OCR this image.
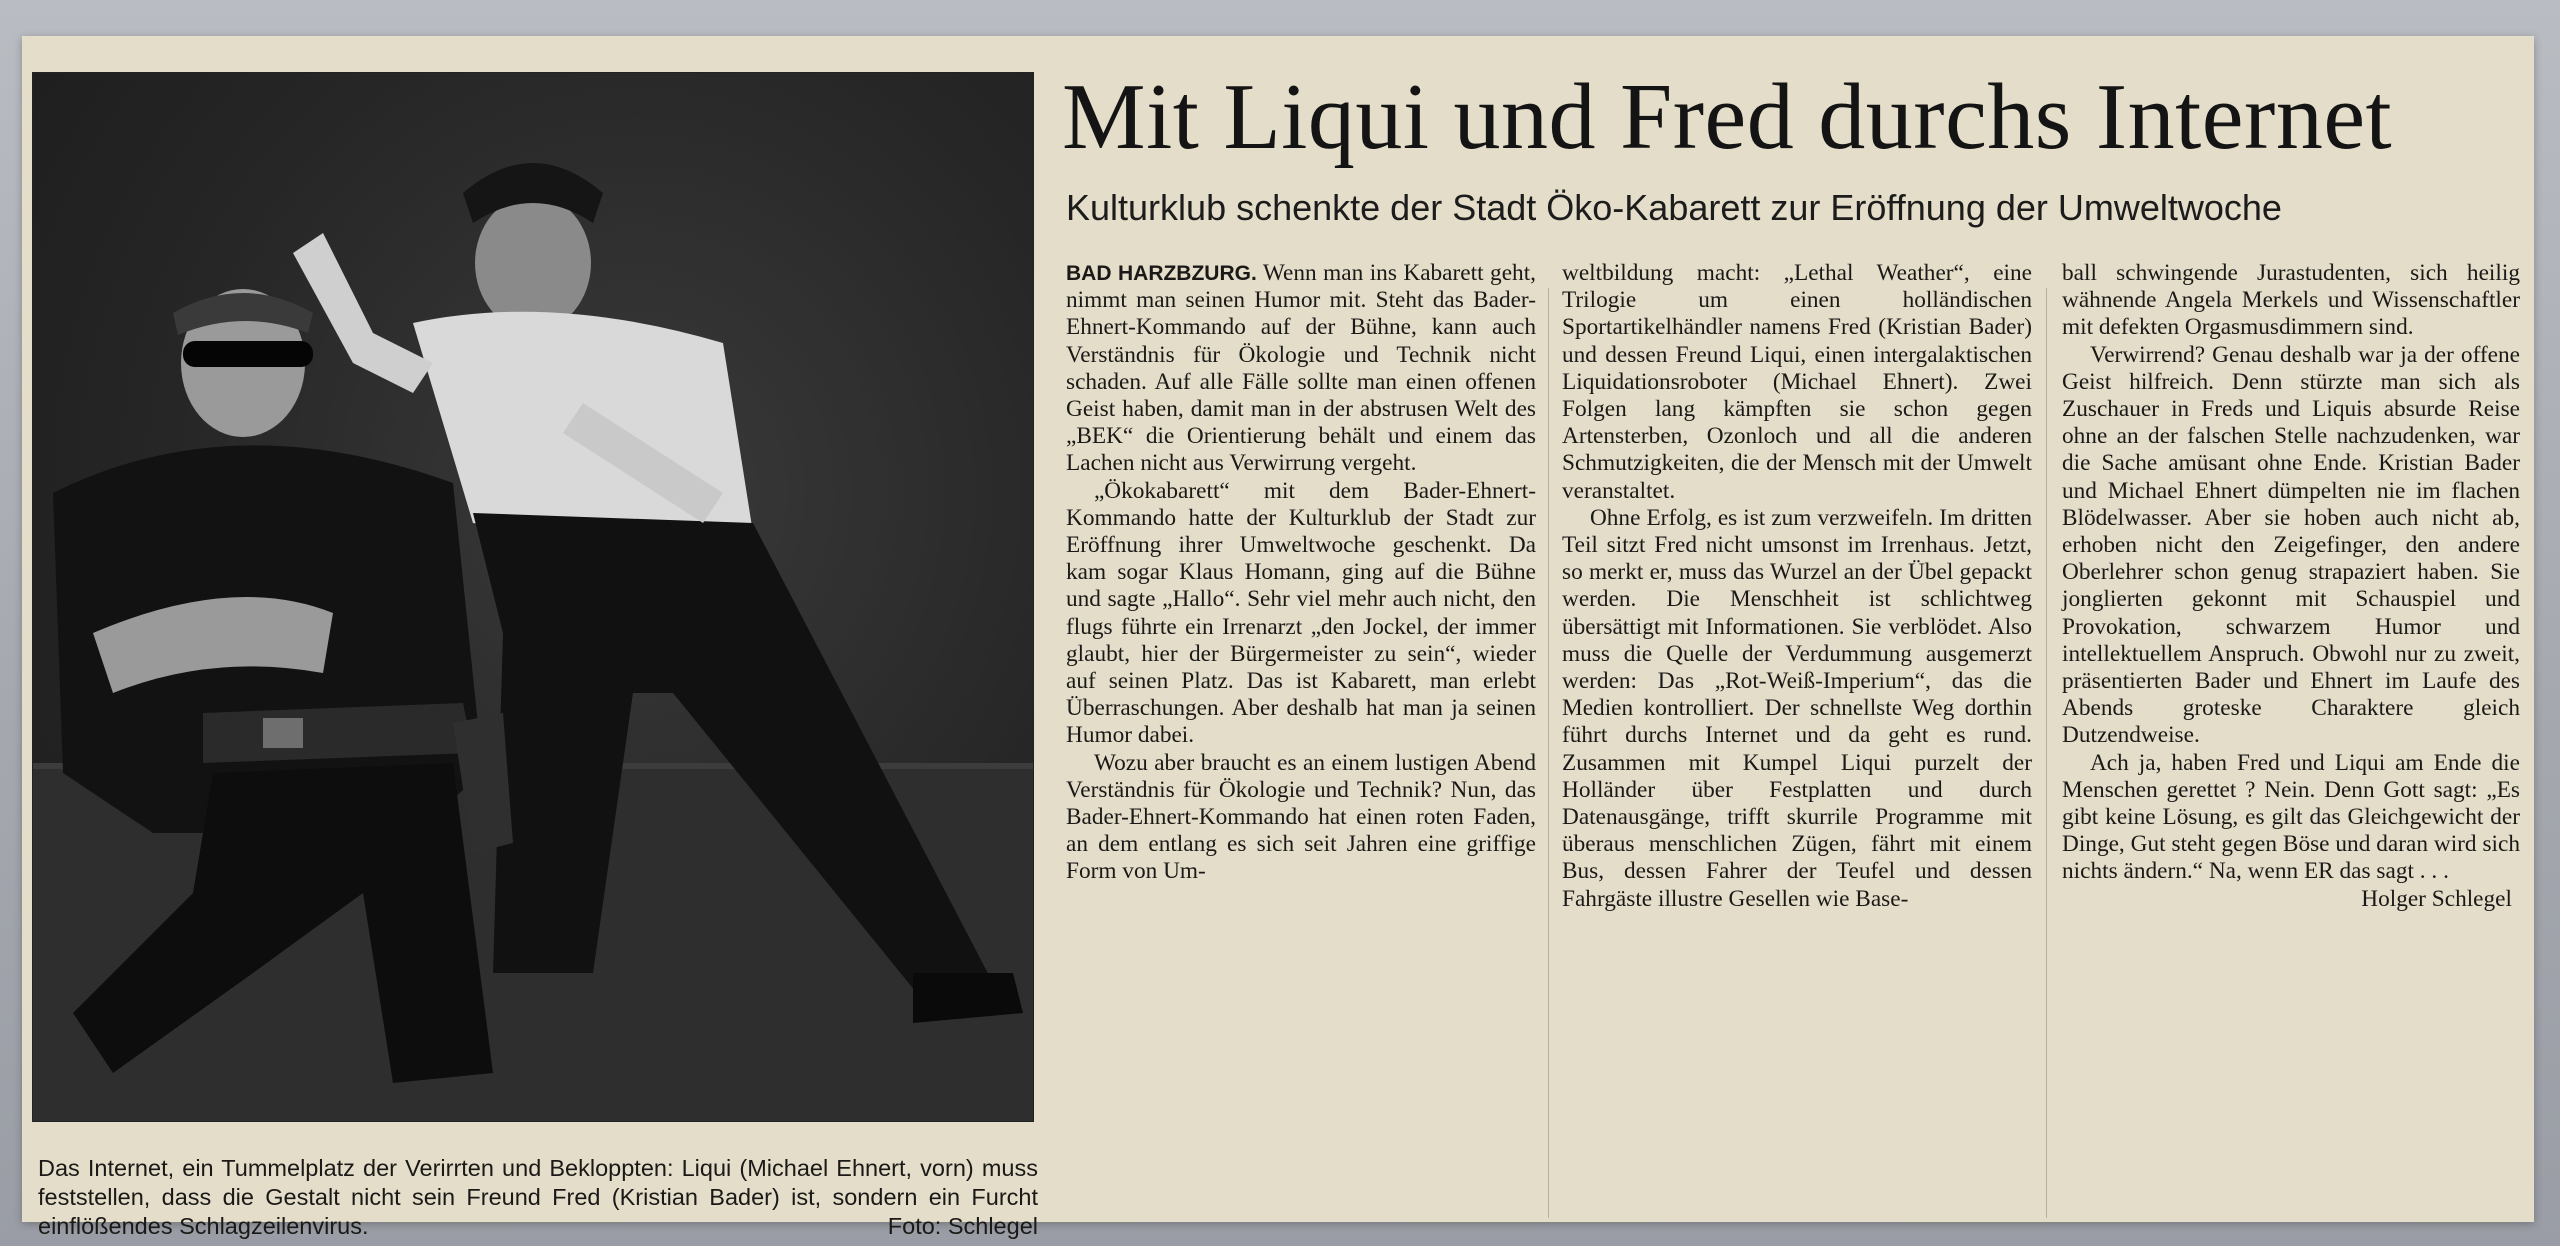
Das Internet, ein Tummelplatz der Verirrten und Bekloppten: Liqui (Michael Ehnert, vorn) muss feststellen, dass die Gestalt nicht sein Freund Fred (Kristian Bader) ist, sondern ein Furcht einflößendes Schlagzeilenvirus.	Foto: Schlegel
Mit Liqui und Fred durchs Internet
Kulturklub schenkte der Stadt Öko-Kabarett zur Eröffnung der Umweltwoche

BAD HARZBZURG. Wenn man ins Kabarett geht, nimmt man seinen Humor mit. Steht das Bader-Ehnert-Kommando auf der Bühne, kann auch Verständnis für Ökologie und Technik nicht schaden. Auf alle Fälle sollte man einen offenen Geist haben, damit man in der abstrusen Welt des „BEK“ die Orientierung behält und einem das Lachen nicht aus Verwirrung vergeht.

„Ökokabarett“ mit dem Bader-Ehnert-Kommando hatte der Kulturklub der Stadt zur Eröffnung ihrer Umweltwoche geschenkt. Da kam sogar Klaus Homann, ging auf die Bühne und sagte „Hallo“. Sehr viel mehr auch nicht, den flugs führte ein Irrenarzt „den Jockel, der immer glaubt, hier der Bürgermeister zu sein“, wieder auf seinen Platz. Das ist Kabarett, man erlebt Überraschungen. Aber deshalb hat man ja seinen Humor dabei.

Wozu aber braucht es an einem lustigen Abend Verständnis für Ökologie und Technik? Nun, das Bader-Ehnert-Kommando hat einen roten Faden, an dem entlang es sich seit Jahren eine griffige Form von Um-

weltbildung macht: „Lethal Weather“, eine Trilogie um einen holländischen Sportartikelhändler namens Fred (Kristian Bader) und dessen Freund Liqui, einen intergalaktischen Liquidationsroboter (Michael Ehnert). Zwei Folgen lang kämpften sie schon gegen Artensterben, Ozonloch und all die anderen Schmutzigkeiten, die der Mensch mit der Umwelt veranstaltet.

Ohne Erfolg, es ist zum verzweifeln. Im dritten Teil sitzt Fred nicht umsonst im Irrenhaus. Jetzt, so merkt er, muss das Wurzel an der Übel gepackt werden. Die Menschheit ist schlichtweg übersättigt mit Informationen. Sie verblödet. Also muss die Quelle der Verdummung ausgemerzt werden: Das „Rot-Weiß-Imperium“, das die Medien kontrolliert. Der schnellste Weg dorthin führt durchs Internet und da geht es rund. Zusammen mit Kumpel Liqui purzelt der Holländer über Festplatten und durch Datenausgänge, trifft skurrile Programme mit überaus menschlichen Zügen, fährt mit einem Bus, dessen Fahrer der Teufel und dessen Fahrgäste illustre Gesellen wie Base-

ball schwingende Jurastudenten, sich heilig wähnende Angela Merkels und Wissenschaftler mit defekten Orgasmusdimmern sind.

Verwirrend? Genau deshalb war ja der offene Geist hilfreich. Denn stürzte man sich als Zuschauer in Freds und Liquis absurde Reise ohne an der falschen Stelle nachzudenken, war die Sache amüsant ohne Ende. Kristian Bader und Michael Ehnert dümpelten nie im flachen Blödelwasser. Aber sie hoben auch nicht ab, erhoben nicht den Zeigefinger, den andere Oberlehrer schon genug strapaziert haben. Sie jonglierten gekonnt mit Schauspiel und Provokation, schwarzem Humor und intellektuellem Anspruch. Obwohl nur zu zweit, präsentierten Bader und Ehnert im Laufe des Abends groteske Charaktere gleich Dutzendweise.

Ach ja, haben Fred und Liqui am Ende die Menschen gerettet ? Nein. Denn Gott sagt: „Es gibt keine Lösung, es gilt das Gleichgewicht der Dinge, Gut steht gegen Böse und daran wird sich nichts ändern.“ Na, wenn ER das sagt . . .
Holger Schlegel
